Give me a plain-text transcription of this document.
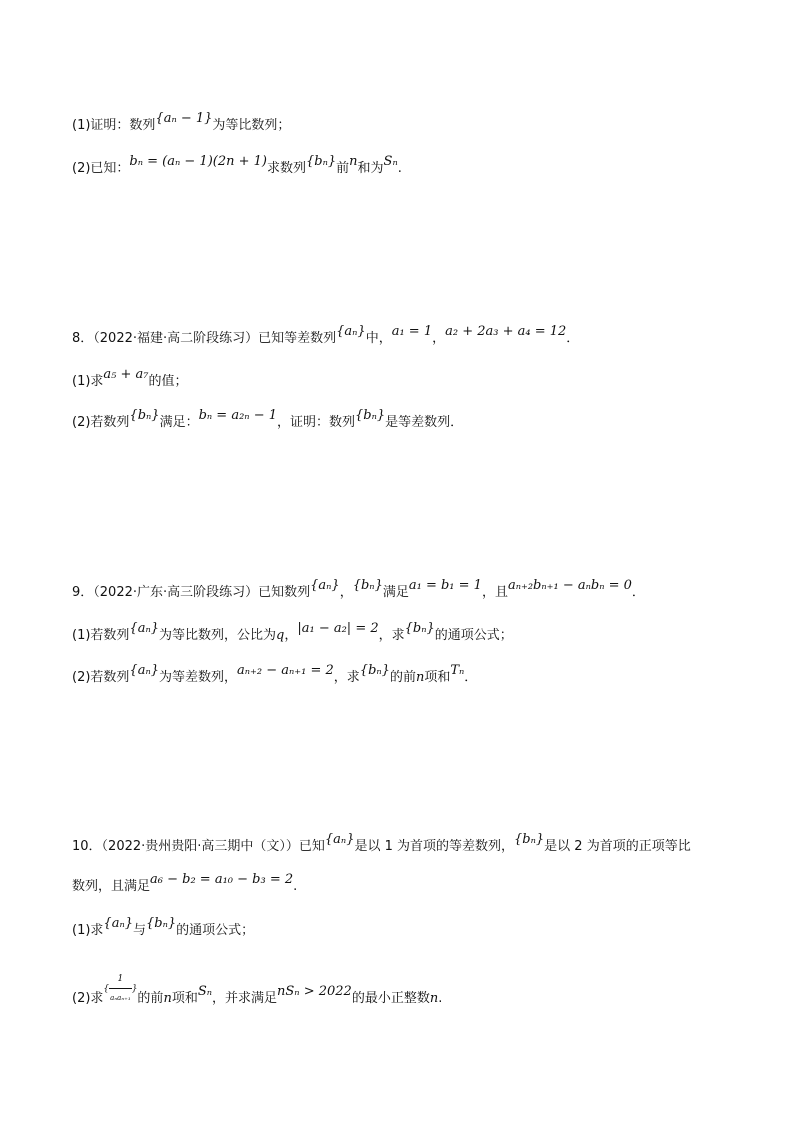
(1)证明：数列{aₙ − 1}为等比数列；
(2)已知：bₙ = (aₙ − 1)(2n + 1)求数列{bₙ}前n和为Sₙ.
8．（2022·福建·高二阶段练习）已知等差数列{aₙ}中，a₁ = 1，a₂ + 2a₃ + a₄ = 12．
(1)求a₅ + a₇的值；
(2)若数列{bₙ}满足：bₙ = a₂ₙ − 1，证明：数列{bₙ}是等差数列．
9．（2022·广东·高三阶段练习）已知数列{aₙ}，{bₙ}满足a₁ = b₁ = 1，且aₙ₊₂bₙ₊₁ − aₙbₙ = 0．
(1)若数列{aₙ}为等比数列，公比为q，|a₁ − a₂| = 2，求{bₙ}的通项公式；
(2)若数列{aₙ}为等差数列，aₙ₊₂ − aₙ₊₁ = 2，求{bₙ}的前n项和Tₙ．
10．（2022·贵州贵阳·高三期中（文））已知{aₙ}是以 1 为首项的等差数列，{bₙ}是以 2 为首项的正项等比
数列，且满足a₆ − b₂ = a₁₀ − b₃ = 2.
(1)求{aₙ}与{bₙ}的通项公式；
(2)求{
1
aₙaₙ₊₁
}的前n项和Sₙ，并求满足nSₙ > 2022的最小正整数n.
